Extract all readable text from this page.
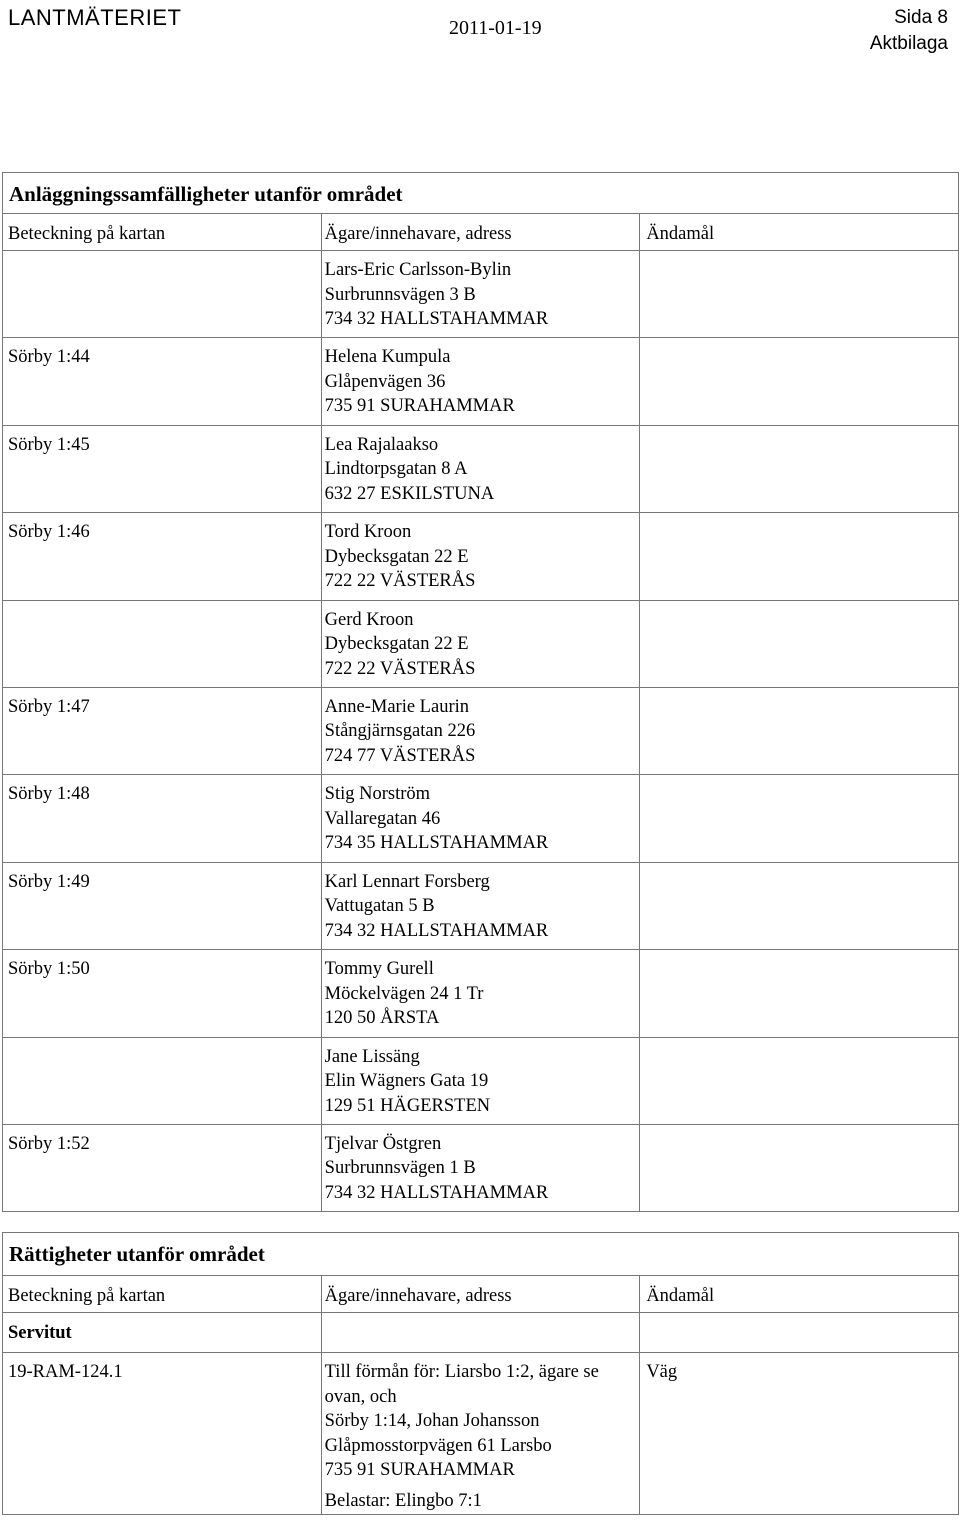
LANTMÄTERIET	2011-01-19	Sida 8
Aktbilaga
Anläggningssamfälligheter utanför området		
Beteckning på kartan	Ägare/innehavare, adress	Ändamål

	Lars-Eric Carlsson-Bylin
Surbrunnsvägen 3 B
734 32 HALLSTAHAMMAR	

Sörby 1:44	Helena Kumpula
Glåpenvägen 36
735 91 SURAHAMMAR	

Sörby 1:45	Lea Rajalaakso
Lindtorpsgatan 8 A
632 27 ESKILSTUNA	

Sörby 1:46	Tord Kroon
Dybecksgatan 22 E
722 22 VÄSTERÅS	

	Gerd Kroon
Dybecksgatan 22 E
722 22 VÄSTERÅS	

Sörby 1:47	Anne-Marie Laurin
Stångjärnsgatan 226
724 77 VÄSTERÅS	

Sörby 1:48	Stig Norström
Vallaregatan 46
734 35 HALLSTAHAMMAR	

Sörby 1:49	Karl Lennart Forsberg
Vattugatan 5 B
734 32 HALLSTAHAMMAR	

Sörby 1:50	Tommy Gurell
Möckelvägen 24 1 Tr
120 50 ÅRSTA	

	Jane Lissäng
Elin Wägners Gata 19
129 51 HÄGERSTEN	

Sörby 1:52	Tjelvar Östgren
Surbrunnsvägen 1 B
734 32 HALLSTAHAMMAR	

Rättigheter utanför området		
Beteckning på kartan	Ägare/innehavare, adress	Ändamål
Servitut		
19-RAM-124.1	Till förmån för: Liarsbo 1:2, ägare se ovan, och
Sörby 1:14, Johan Johansson
Glåpmosstorpvägen 61 Larsbo
735 91 SURAHAMMAR
Belastar: Elingbo 7:1	Väg
